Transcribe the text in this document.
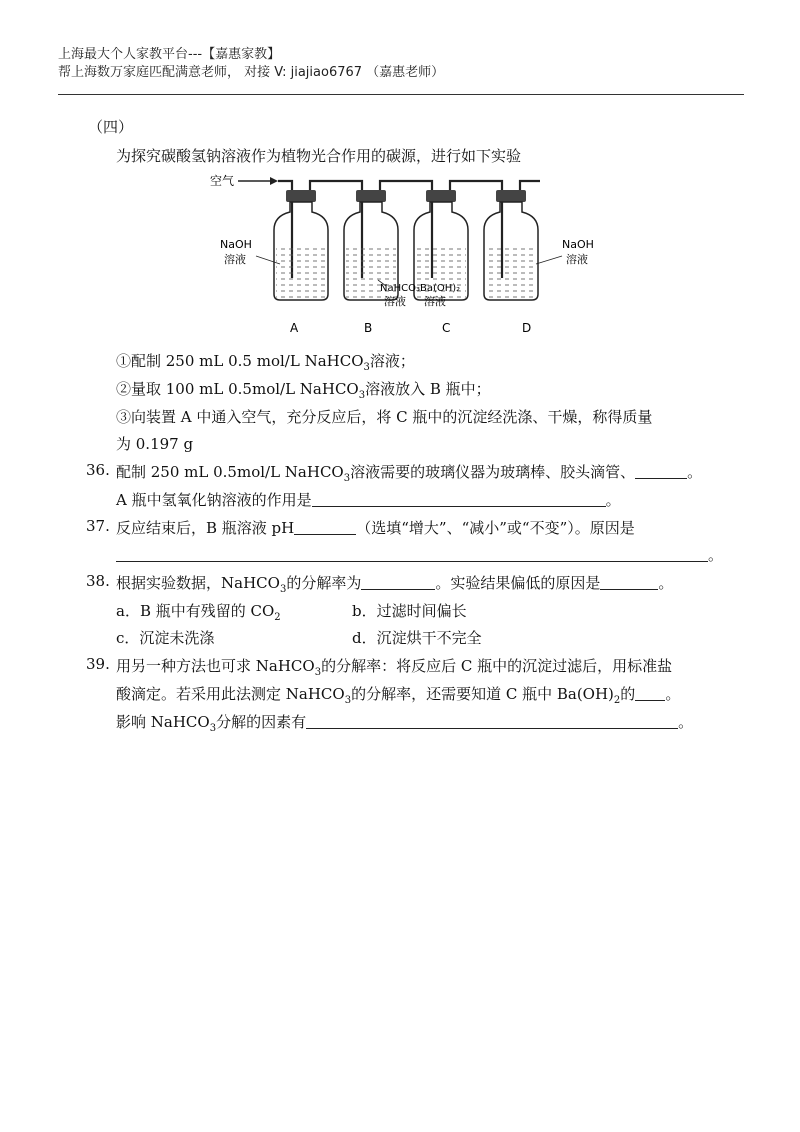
上海最大个人家教平台---【嘉惠家教】
帮上海数万家庭匹配满意老师， 对接 V: jiajiao6767 （嘉惠老师）
（四）
为探究碳酸氢钠溶液作为植物光合作用的碳源，进行如下实验
空气
NaOH
溶液
NaHCO₃
溶液
Ba(OH)₂
溶液
NaOH
溶液
A	B	C	D
①配制 250 mL 0.5 mol/L NaHCO$_3$溶液；
②量取 100 mL 0.5mol/L NaHCO$_3$溶液放入 B 瓶中；
③向装置 A 中通入空气，充分反应后，将 C 瓶中的沉淀经洗涤、干燥，称得质量
为 0.197 g
36. 配制 250 mL 0.5mol/L NaHCO$_3$溶液需要的玻璃仪器为玻璃棒、胶头滴管、	。
A 瓶中氢氧化钠溶液的作用是	。
37. 反应结束后，B 瓶溶液 pH	（选填“增大”、“减小”或“不变”）。原因是
。
38. 根据实验数据，NaHCO$_3$的分解率为	。实验结果偏低的原因是	。
a．B 瓶中有残留的 $CO_2$	b．过滤时间偏长
c．沉淀未洗涤	d．沉淀烘干不完全
39. 用另一种方法也可求 NaHCO$_3$的分解率：将反应后 C 瓶中的沉淀过滤后，用标准盐
酸滴定。若采用此法测定 NaHCO$_3$的分解率，还需要知道 C 瓶中 $Ba(OH)_2$的 。
影响 NaHCO$_3$分解的因素有	。
